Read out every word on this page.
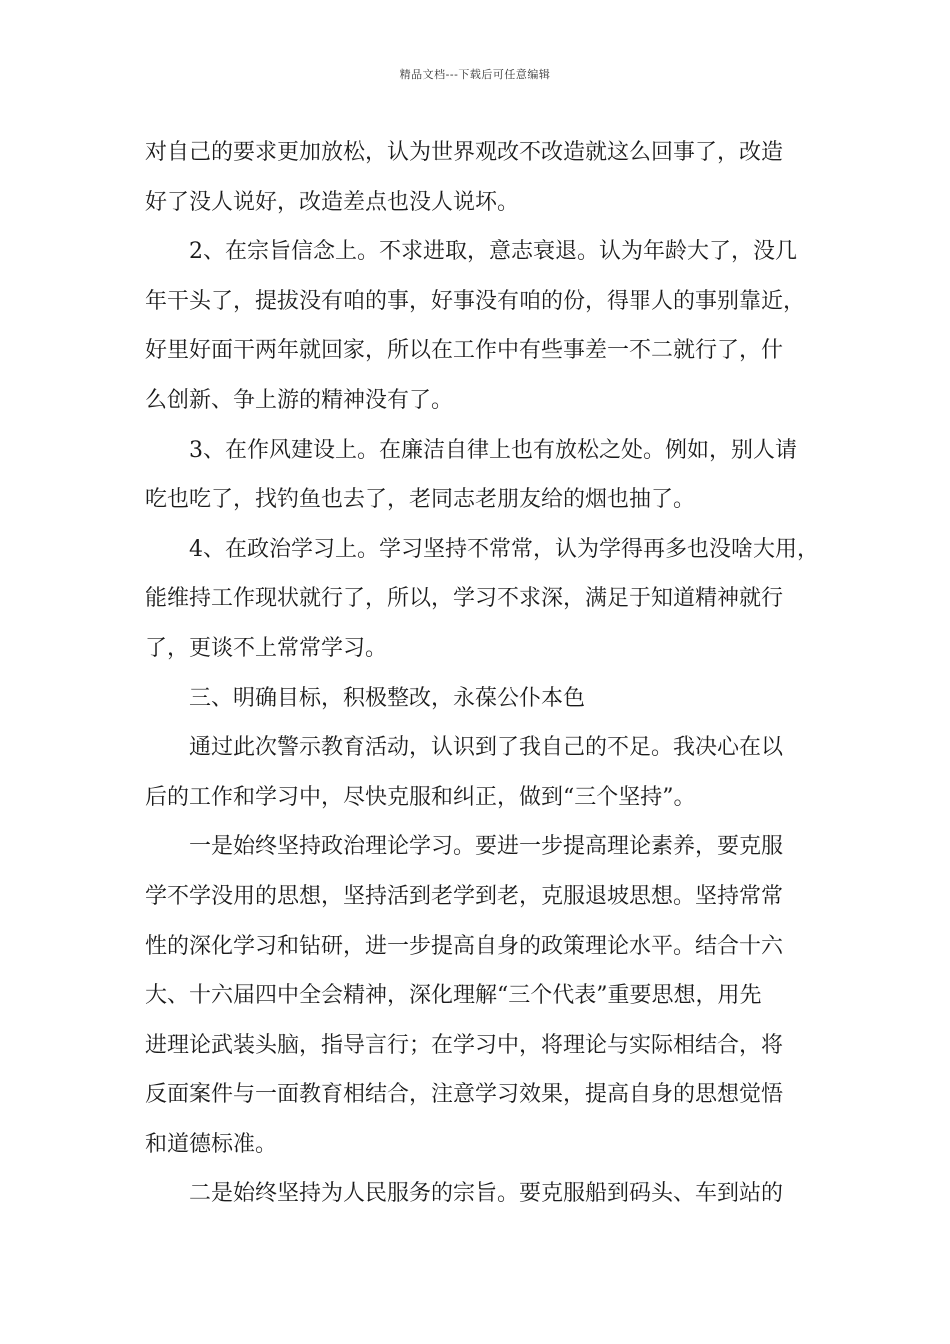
精品文档---下载后可任意编辑
对自己的要求更加放松，认为世界观改不改造就这么回事了，改造
好了没人说好，改造差点也没人说坏。
2、在宗旨信念上。不求进取，意志衰退。认为年龄大了，没几
年干头了，提拔没有咱的事，好事没有咱的份，得罪人的事别靠近，
好里好面干两年就回家，所以在工作中有些事差一不二就行了，什
么创新、争上游的精神没有了。
3、在作风建设上。在廉洁自律上也有放松之处。例如，别人请
吃也吃了，找钓鱼也去了，老同志老朋友给的烟也抽了。
4、在政治学习上。学习坚持不常常，认为学得再多也没啥大用，
能维持工作现状就行了，所以，学习不求深，满足于知道精神就行
了，更谈不上常常学习。
三、明确目标，积极整改，永葆公仆本色
通过此次警示教育活动，认识到了我自己的不足。我决心在以
后的工作和学习中，尽快克服和纠正，做到“三个坚持”。
一是始终坚持政治理论学习。要进一步提高理论素养，要克服
学不学没用的思想，坚持活到老学到老，克服退坡思想。坚持常常
性的深化学习和钻研，进一步提高自身的政策理论水平。结合十六
大、十六届四中全会精神，深化理解“三个代表”重要思想，用先
进理论武装头脑，指导言行；在学习中，将理论与实际相结合，将
反面案件与一面教育相结合，注意学习效果，提高自身的思想觉悟
和道德标准。
二是始终坚持为人民服务的宗旨。要克服船到码头、车到站的
